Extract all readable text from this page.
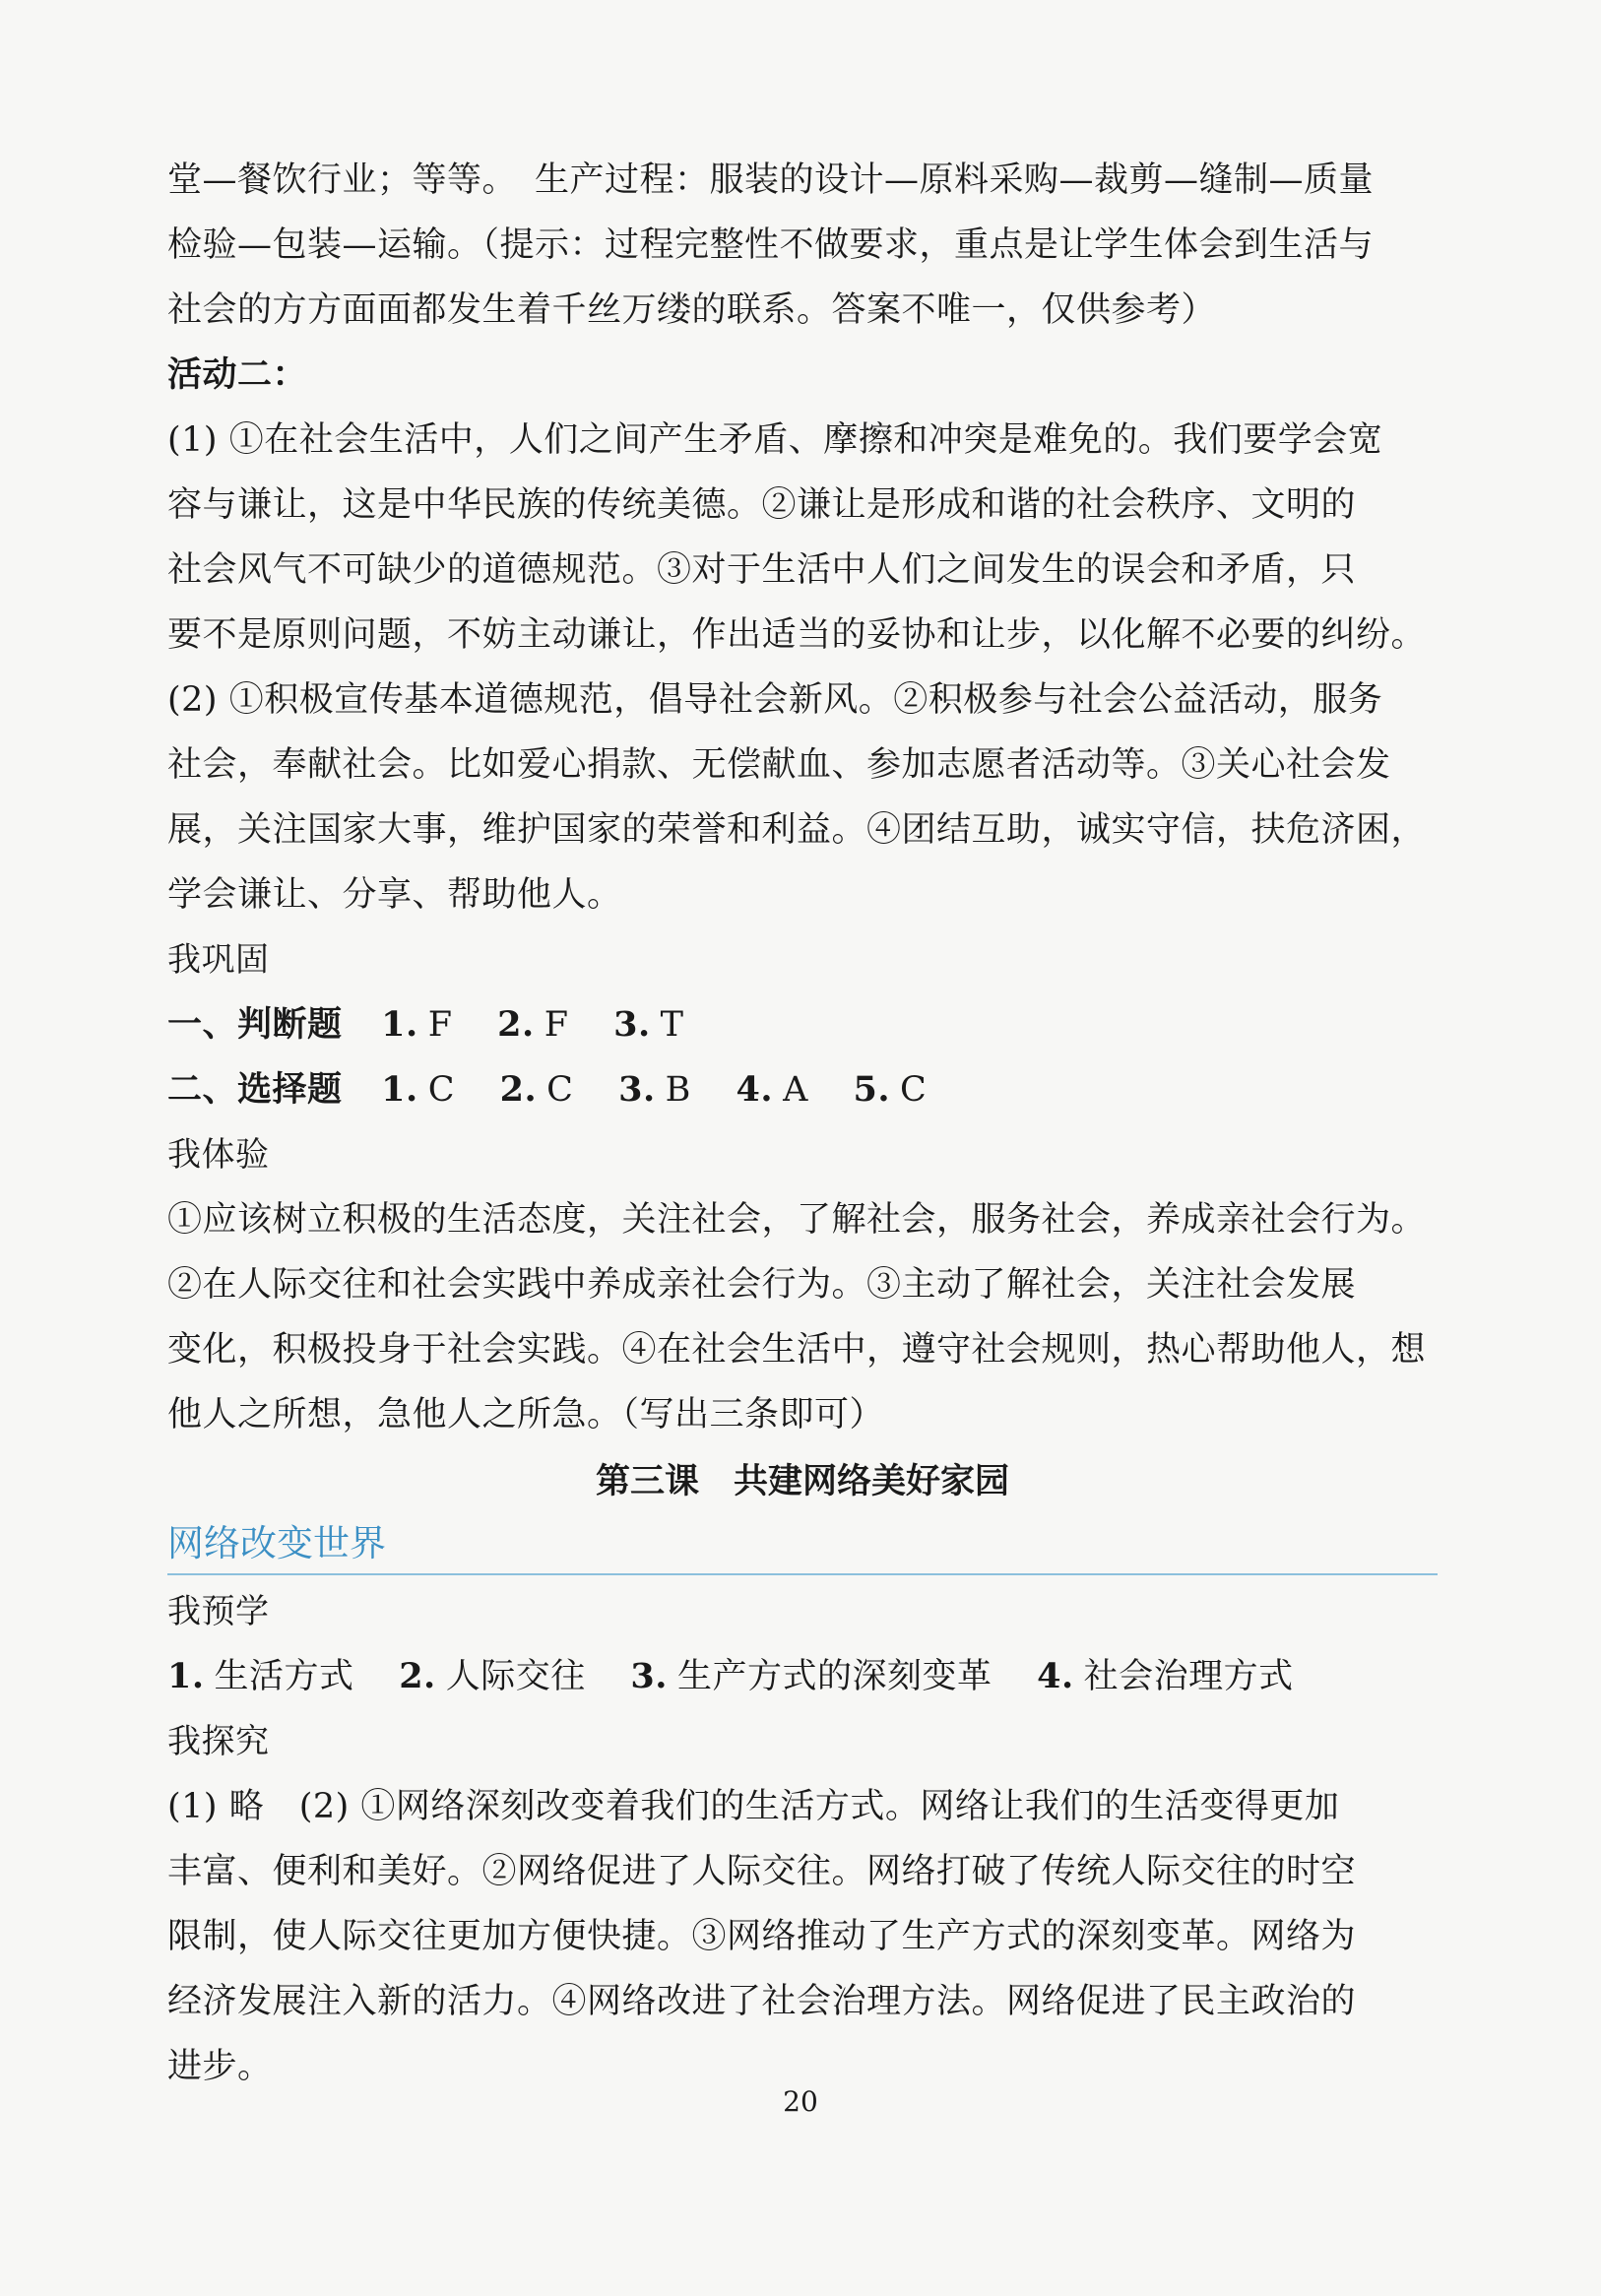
堂—餐饮行业；等等。　生产过程：服装的设计—原料采购—裁剪—缝制—质量
检验—包装—运输。（提示：过程完整性不做要求，重点是让学生体会到生活与
社会的方方面面都发生着千丝万缕的联系。答案不唯一，仅供参考）
活动二：
(1) ①在社会生活中，人们之间产生矛盾、摩擦和冲突是难免的。我们要学会宽
容与谦让，这是中华民族的传统美德。②谦让是形成和谐的社会秩序、文明的
社会风气不可缺少的道德规范。③对于生活中人们之间发生的误会和矛盾，只
要不是原则问题，不妨主动谦让，作出适当的妥协和让步，以化解不必要的纠纷。
(2) ①积极宣传基本道德规范，倡导社会新风。②积极参与社会公益活动，服务
社会，奉献社会。比如爱心捐款、无偿献血、参加志愿者活动等。③关心社会发
展，关注国家大事，维护国家的荣誉和利益。④团结互助，诚实守信，扶危济困，
学会谦让、分享、帮助他人。
我巩固
一、判断题 1. F 2. F 3. T
二、选择题 1. C 2. C 3. B 4. A 5. C
我体验
①应该树立积极的生活态度，关注社会，了解社会，服务社会，养成亲社会行为。
②在人际交往和社会实践中养成亲社会行为。③主动了解社会，关注社会发展
变化，积极投身于社会实践。④在社会生活中，遵守社会规则，热心帮助他人，想
他人之所想，急他人之所急。（写出三条即可）
第三课　共建网络美好家园
网络改变世界
我预学
1. 生活方式 2. 人际交往 3. 生产方式的深刻变革 4. 社会治理方式
我探究
(1) 略　(2) ①网络深刻改变着我们的生活方式。网络让我们的生活变得更加
丰富、便利和美好。②网络促进了人际交往。网络打破了传统人际交往的时空
限制，使人际交往更加方便快捷。③网络推动了生产方式的深刻变革。网络为
经济发展注入新的活力。④网络改进了社会治理方法。网络促进了民主政治的
进步。
20
